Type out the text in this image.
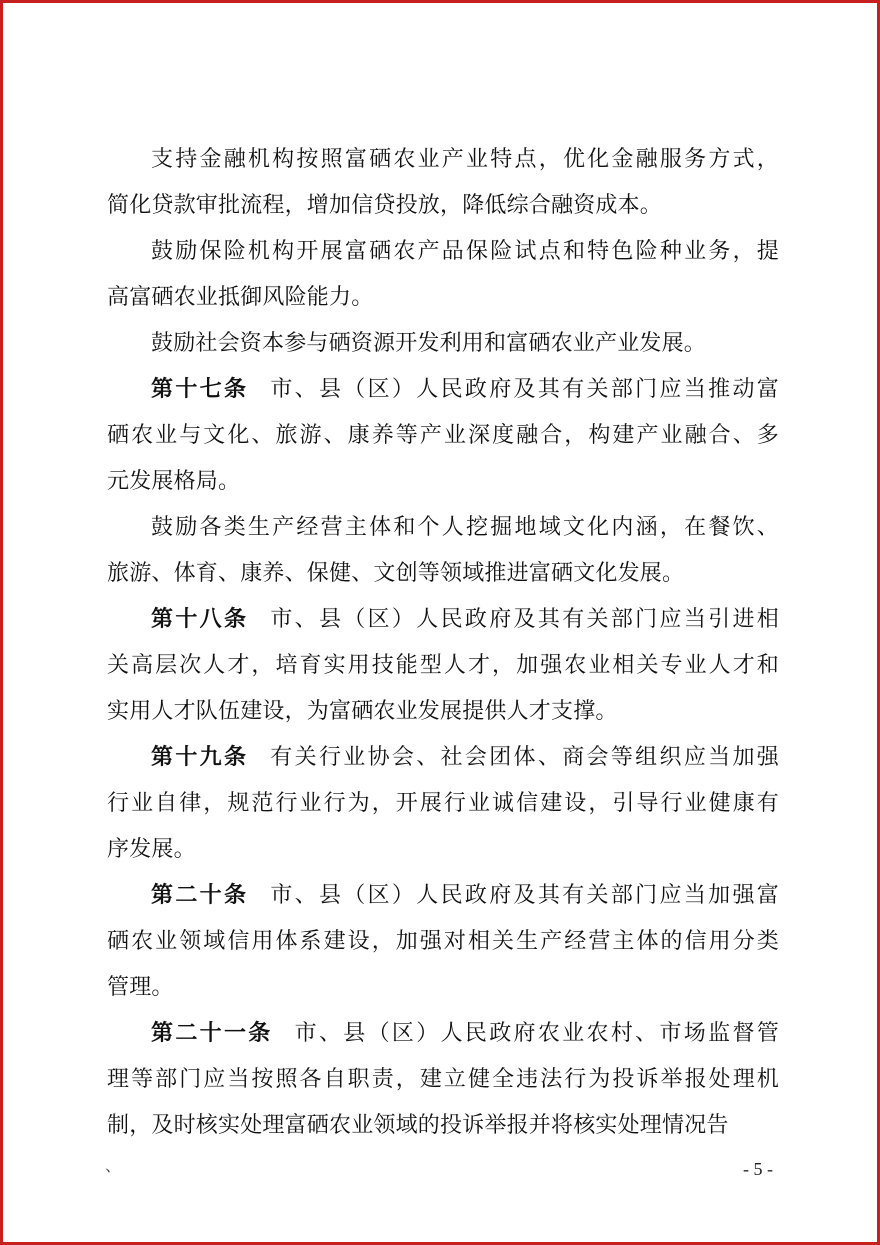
支持金融机构按照富硒农业产业特点，优化金融服务方式，
简化贷款审批流程，增加信贷投放，降低综合融资成本。
鼓励保险机构开展富硒农产品保险试点和特色险种业务，提
高富硒农业抵御风险能力。
鼓励社会资本参与硒资源开发利用和富硒农业产业发展。
第十七条 市、县（区）人民政府及其有关部门应当推动富
硒农业与文化、旅游、康养等产业深度融合，构建产业融合、多
元发展格局。
鼓励各类生产经营主体和个人挖掘地域文化内涵，在餐饮、
旅游、体育、康养、保健、文创等领域推进富硒文化发展。
第十八条 市、县（区）人民政府及其有关部门应当引进相
关高层次人才，培育实用技能型人才，加强农业相关专业人才和
实用人才队伍建设，为富硒农业发展提供人才支撑。
第十九条 有关行业协会、社会团体、商会等组织应当加强
行业自律，规范行业行为，开展行业诚信建设，引导行业健康有
序发展。
第二十条 市、县（区）人民政府及其有关部门应当加强富
硒农业领域信用体系建设，加强对相关生产经营主体的信用分类
管理。
第二十一条 市、县（区）人民政府农业农村、市场监督管
理等部门应当按照各自职责，建立健全违法行为投诉举报处理机
制，及时核实处理富硒农业领域的投诉举报并将核实处理情况告
、	- 5 -
